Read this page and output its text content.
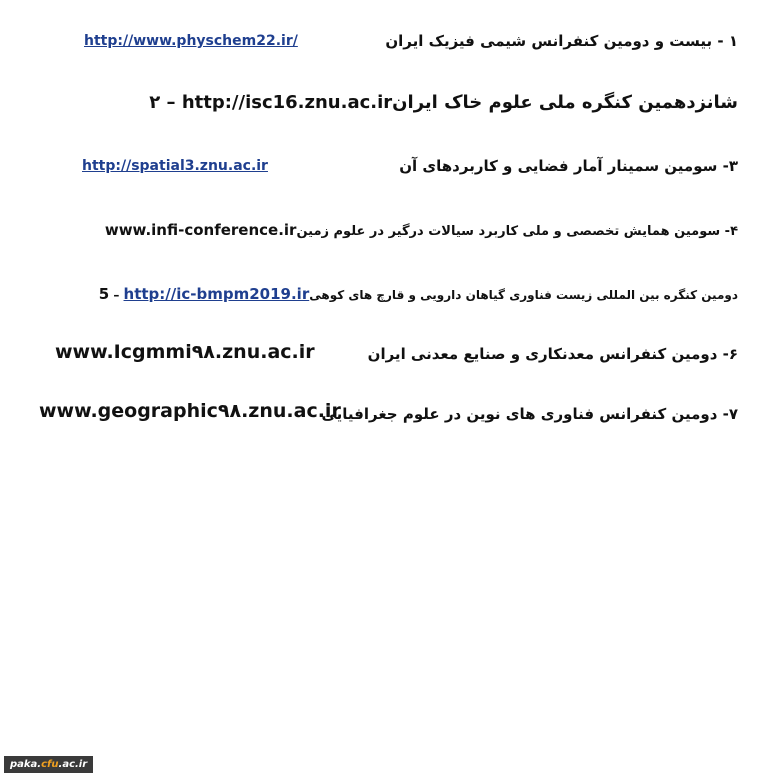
۱ - بیست و دومین کنفرانس شیمی فیزیک ایران
http://www.physchem22.ir/
۲ – http://isc16.znu.ac.irشانزدهمین کنگره ملی علوم خاک ایران
۳- سومین سمینار آمار فضایی و کاربردهای آن
http://spatial3.znu.ac.ir
۴- سومین همایش تخصصی و ملی کاربرد سیالات درگیر در علوم زمینwww.infi-conference.ir
5 – http://ic-bmpm2019.irدومین کنگره بین المللی زیست فناوری گیاهان دارویی و قارچ های کوهی
۶- دومین کنفرانس معدنکاری و صنایع معدنی ایران
www.Icgmmi۹۸.znu.ac.ir
۷- دومین کنفرانس فناوری های نوین در علوم جغرافیایی
www.geographic۹۸.znu.ac.ir
paka.cfu.ac.ir
